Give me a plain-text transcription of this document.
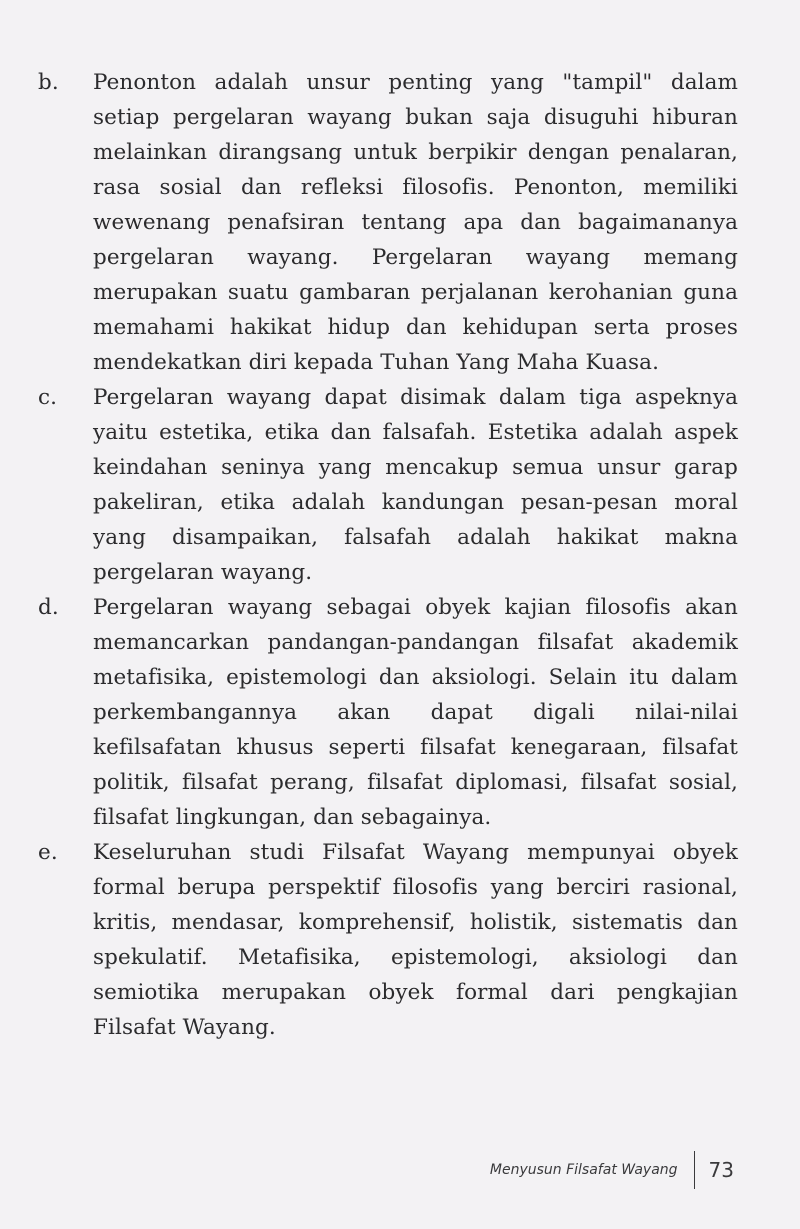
b.	Penonton adalah unsur penting yang "tampil" dalam setiap pergelaran wayang bukan saja disuguhi hiburan melainkan dirangsang untuk berpikir dengan penalaran, rasa sosial dan refleksi filosofis. Penonton, memiliki wewenang penafsiran tentang apa dan bagaimananya pergelaran wayang. Pergelaran wayang memang merupakan suatu gambaran perjalanan kerohanian guna memahami hakikat hidup dan kehidupan serta proses mendekatkan diri kepada Tuhan Yang Maha Kuasa.
c.	Pergelaran wayang dapat disimak dalam tiga aspeknya yaitu estetika, etika dan falsafah. Estetika adalah aspek keindahan seninya yang mencakup semua unsur garap pakeliran, etika adalah kandungan pesan-pesan moral yang disampaikan, falsafah adalah hakikat makna pergelaran wayang.
d.	Pergelaran wayang sebagai obyek kajian filosofis akan memancarkan pandangan-pandangan filsafat akademik metafisika, epistemologi dan aksiologi. Selain itu dalam perkembangannya akan dapat digali nilai-nilai kefilsafatan khusus seperti filsafat kenegaraan, filsafat politik, filsafat perang, filsafat diplomasi, filsafat sosial, filsafat lingkungan, dan sebagainya.
e.	Keseluruhan studi Filsafat Wayang mempunyai obyek formal berupa perspektif filosofis yang berciri rasional, kritis, mendasar, komprehensif, holistik, sistematis dan spekulatif. Metafisika, epistemologi, aksiologi dan semiotika merupakan obyek formal dari pengkajian Filsafat Wayang.
Menyusun Filsafat Wayang 73
